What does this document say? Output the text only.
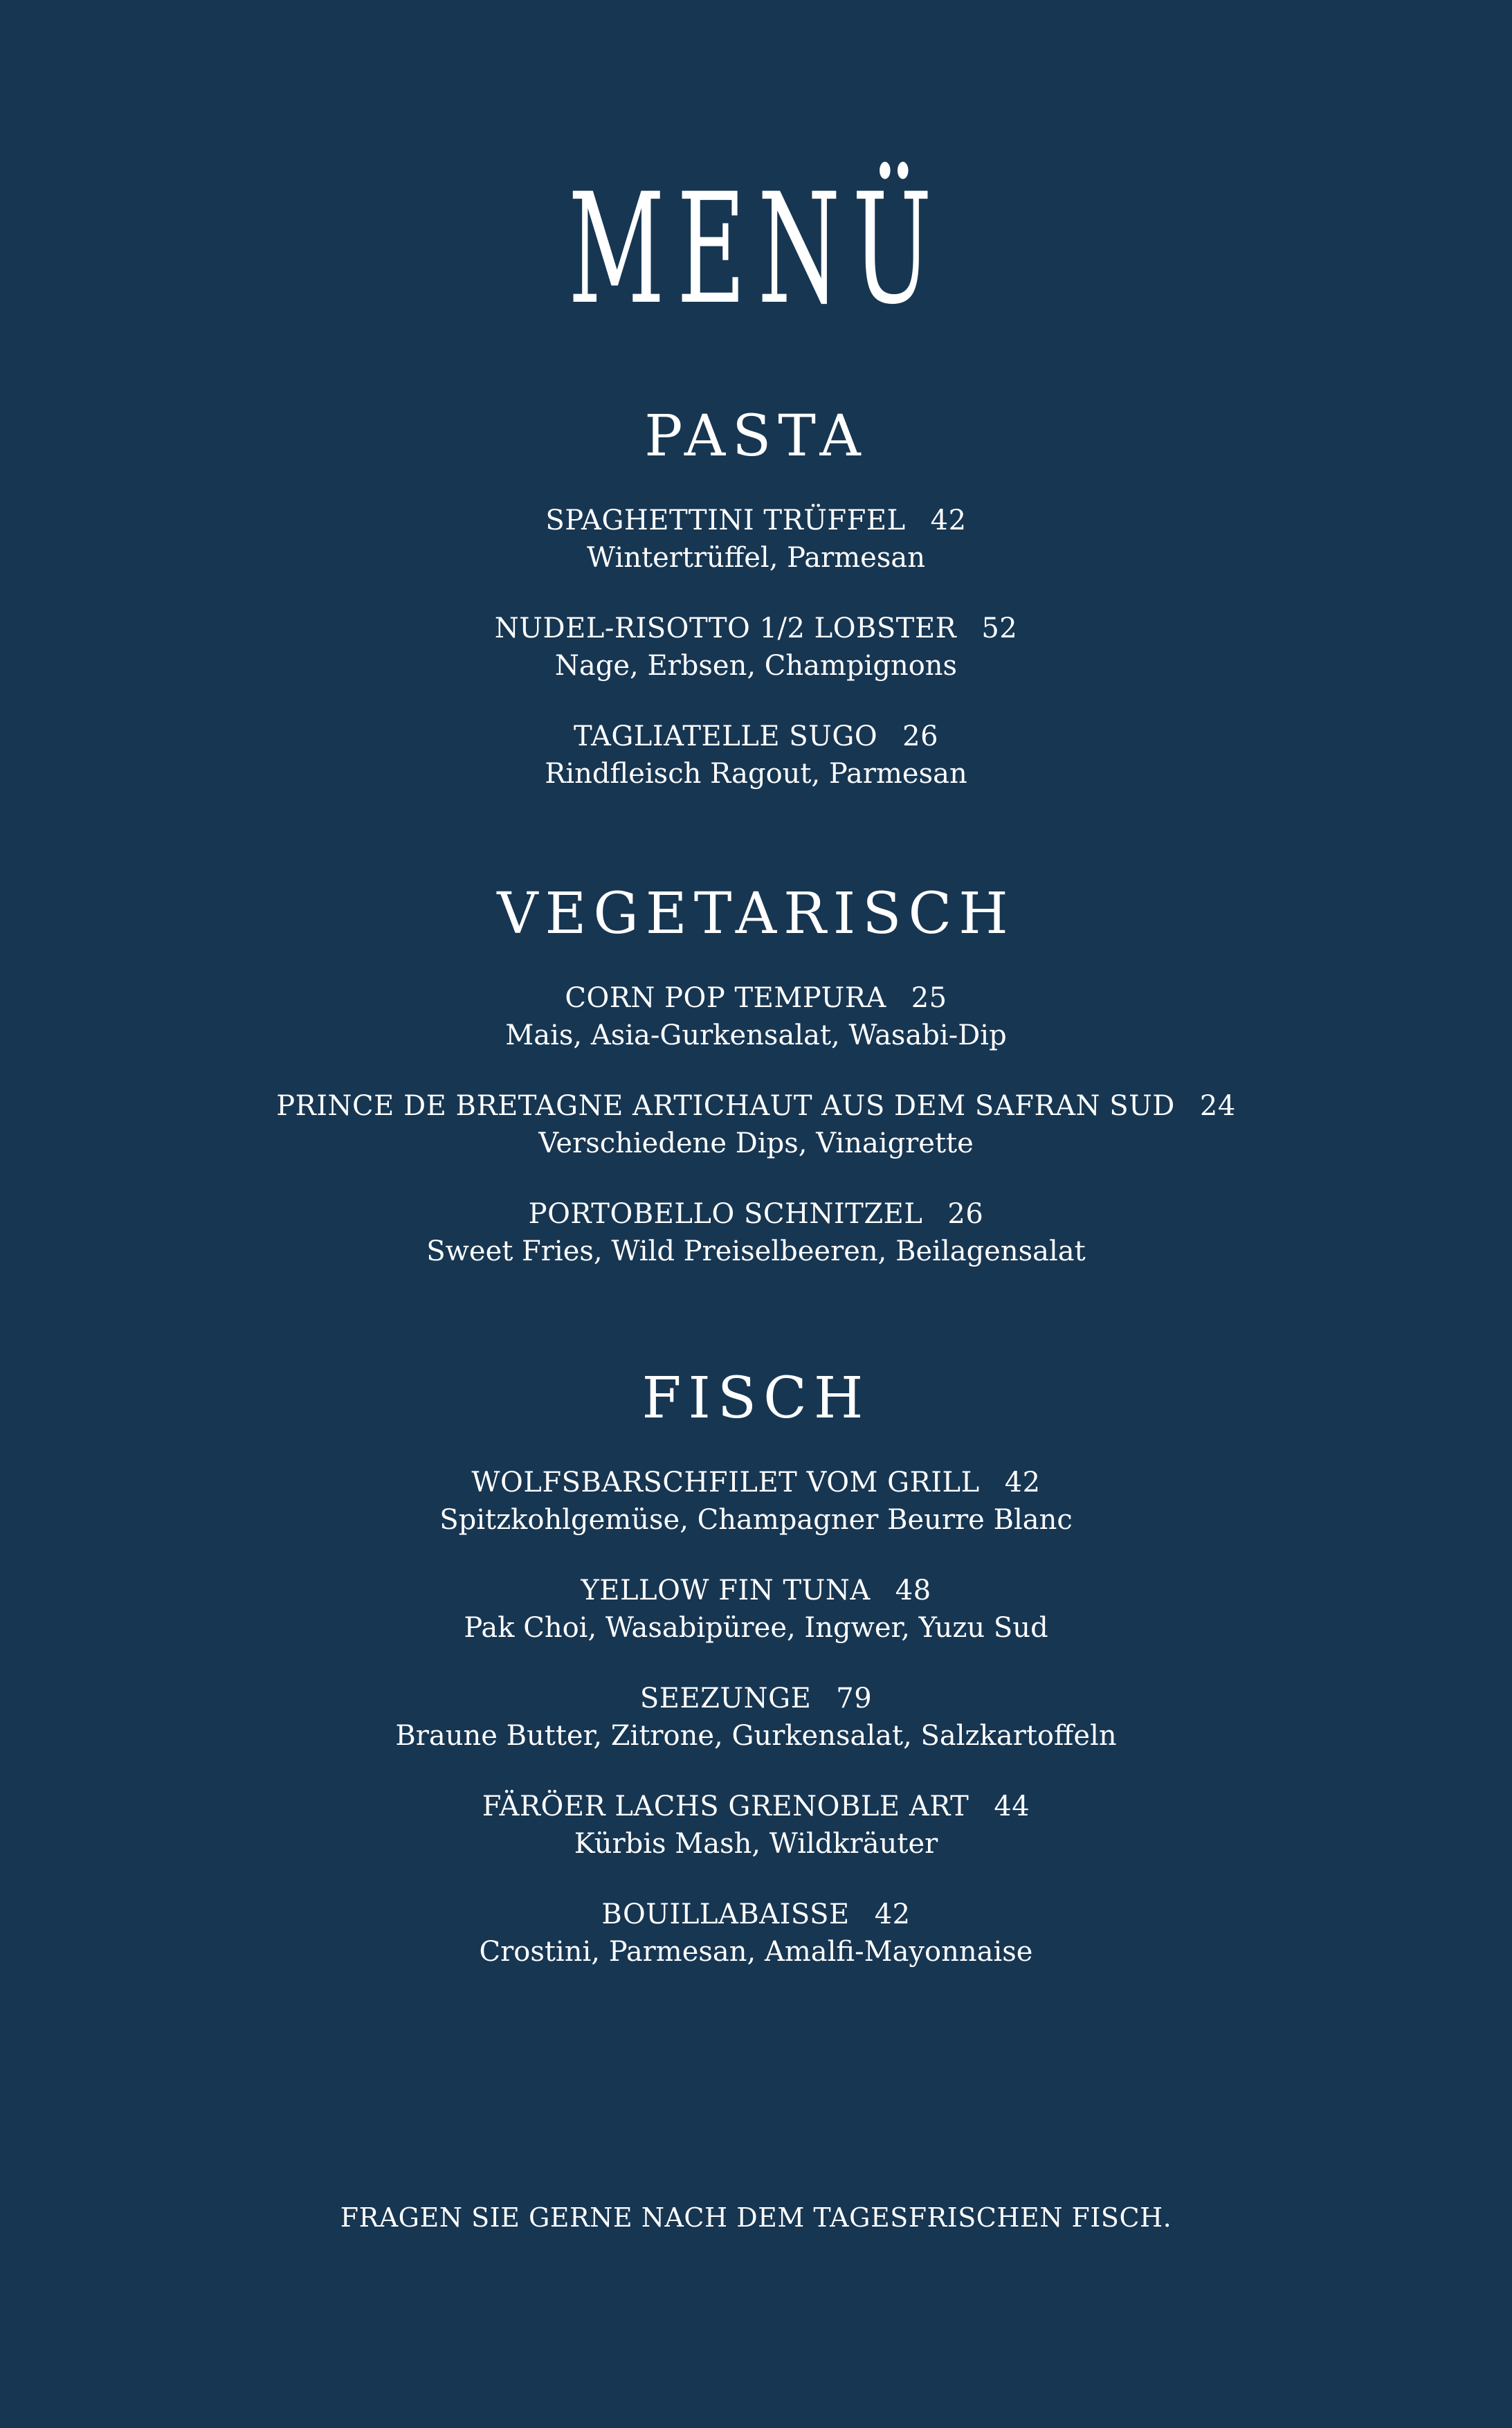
MENÜ
PASTA
SPAGHETTINI TRÜFFEL 42
Wintertrüffel, Parmesan
NUDEL-RISOTTO 1/2 LOBSTER 52
Nage, Erbsen, Champignons
TAGLIATELLE SUGO 26
Rindfleisch Ragout, Parmesan
VEGETARISCH
CORN POP TEMPURA 25
Mais, Asia-Gurkensalat, Wasabi-Dip
PRINCE DE BRETAGNE ARTICHAUT AUS DEM SAFRAN SUD 24
Verschiedene Dips, Vinaigrette
PORTOBELLO SCHNITZEL 26
Sweet Fries, Wild Preiselbeeren, Beilagensalat
FISCH
WOLFSBARSCHFILET VOM GRILL 42
Spitzkohlgemüse, Champagner Beurre Blanc
YELLOW FIN TUNA 48
Pak Choi, Wasabipüree, Ingwer, Yuzu Sud
SEEZUNGE 79
Braune Butter, Zitrone, Gurkensalat, Salzkartoffeln
FÄRÖER LACHS GRENOBLE ART 44
Kürbis Mash, Wildkräuter
BOUILLABAISSE 42
Crostini, Parmesan, Amalfi-Mayonnaise
FRAGEN SIE GERNE NACH DEM TAGESFRISCHEN FISCH.
